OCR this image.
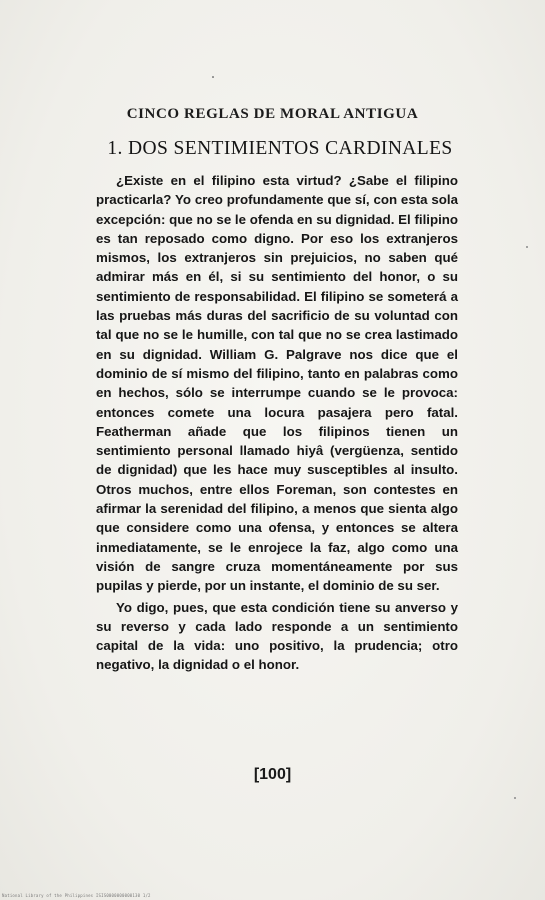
CINCO REGLAS DE MORAL ANTIGUA
1. DOS SENTIMIENTOS CARDINALES

¿Existe en el filipino esta virtud? ¿Sabe el filipino practicarla? Yo creo profundamente que sí, con esta sola excepción: que no se le ofenda en su dignidad. El filipino es tan reposado como digno. Por eso los extranjeros mismos, los extranjeros sin prejuicios, no saben qué admirar más en él, si su sentimiento del honor, o su sentimiento de responsabilidad. El filipino se someterá a las pruebas más duras del sacrificio de su voluntad con tal que no se le humille, con tal que no se crea lastimado en su dignidad. William G. Palgrave nos dice que el dominio de sí mismo del filipino, tanto en palabras como en hechos, sólo se interrumpe cuando se le provoca: entonces comete una locura pasajera pero fatal. Featherman añade que los filipinos tienen un sentimiento personal llamado hiyâ (vergüenza, sentido de dignidad) que les hace muy susceptibles al insulto. Otros muchos, entre ellos Foreman, son contestes en afirmar la serenidad del filipino, a menos que sienta algo que considere como una ofensa, y entonces se altera inmediatamente, se le enrojece la faz, algo como una visión de sangre cruza momentáneamente por sus pupilas y pierde, por un instante, el dominio de su ser.

Yo digo, pues, que esta condición tiene su anverso y su reverso y cada lado responde a un sentimiento capital de la vida: uno positivo, la prudencia; otro negativo, la dignidad o el honor.

[100]
National Library of the Philippines ISIS0000000000130 1/2
